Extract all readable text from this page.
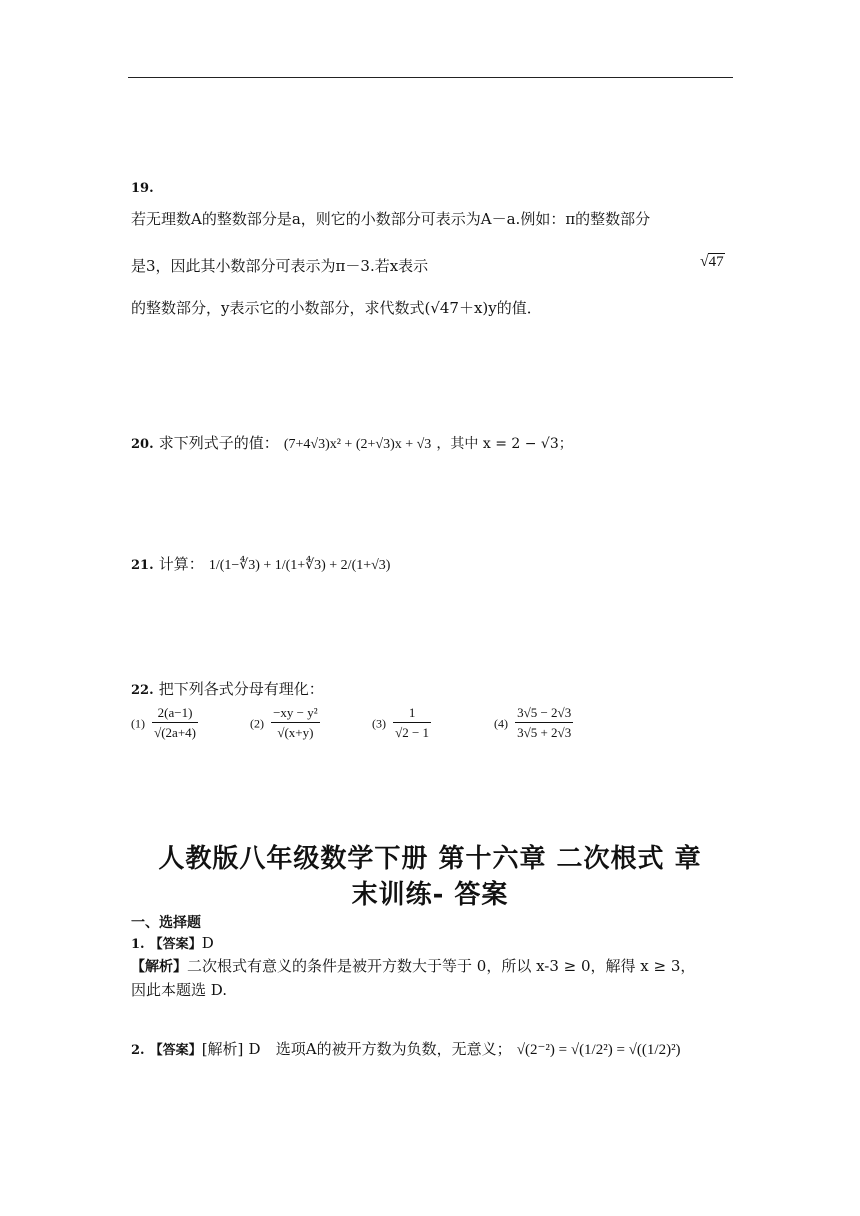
19.
若无理数A的整数部分是a，则它的小数部分可表示为A－a.例如：π的整数部分
是3，因此其小数部分可表示为π－3.若x表示	√47
的整数部分，y表示它的小数部分，求代数式(√47＋x)y的值．
20. 求下列式子的值： (7+4√3)x² + (2+√3)x + √3 ，其中 x = 2 − √3；
21. 计算： 1/(1−∜3) + 1/(1+∜3) + 2/(1+√3)
22. 把下列各式分母有理化：
$(1) \frac{2(a-1)}{√(2a+4)}$	$(2) \frac{\text{−xy − y²}}{√(x+y)}$	$(3) \frac{1}{√2 - 1}$	$(4) \frac{3√5 - 2√3}{3√5 + 2√3}$
人教版八年级数学下册 第十六章 二次根式 章
末训练- 答案
一、选择题
1. 【答案】D
【解析】二次根式有意义的条件是被开方数大于等于 0，所以 x-3 ≥ 0，解得 x ≥ 3，
因此本题选 D.
2. 【答案】[解析] D 选项A的被开方数为负数，无意义； √(2⁻²) = √(1/2²) = √((1/2)²)
